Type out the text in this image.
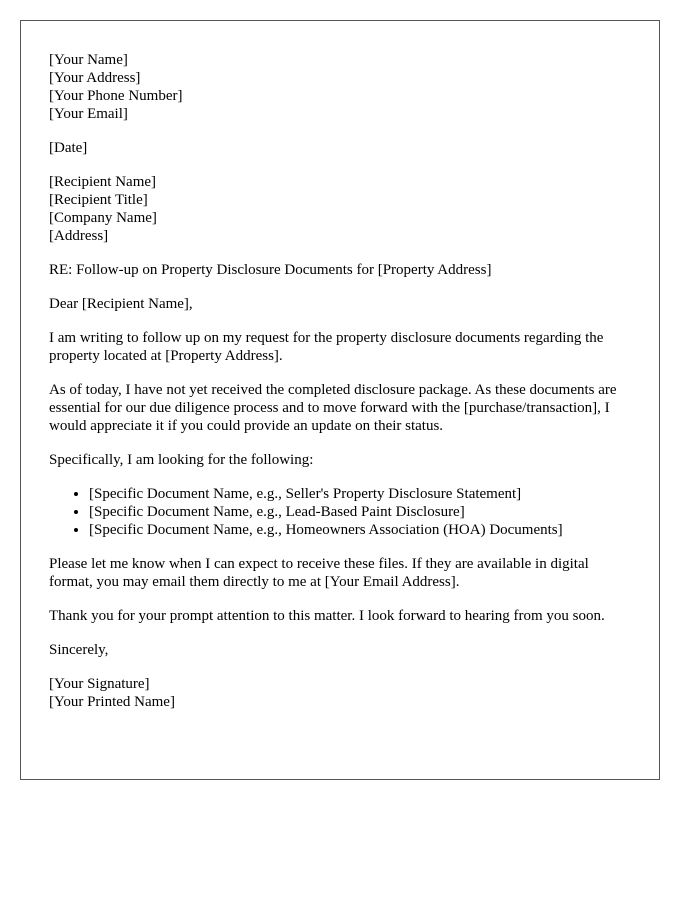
[Your Name]
[Your Address]
[Your Phone Number]
[Your Email]
[Date]
[Recipient Name]
[Recipient Title]
[Company Name]
[Address]

RE: Follow-up on Property Disclosure Documents for [Property Address]

Dear [Recipient Name],

I am writing to follow up on my request for the property disclosure documents regarding the property located at [Property Address].

As of today, I have not yet received the completed disclosure package. As these documents are essential for our due diligence process and to move forward with the [purchase/transaction], I would appreciate it if you could provide an update on their status.

Specifically, I am looking for the following:

• [Specific Document Name, e.g., Seller's Property Disclosure Statement]
• [Specific Document Name, e.g., Lead-Based Paint Disclosure]
• [Specific Document Name, e.g., Homeowners Association (HOA) Documents]

Please let me know when I can expect to receive these files. If they are available in digital format, you may email them directly to me at [Your Email Address].

Thank you for your prompt attention to this matter. I look forward to hearing from you soon.

Sincerely,

[Your Signature]
[Your Printed Name]
